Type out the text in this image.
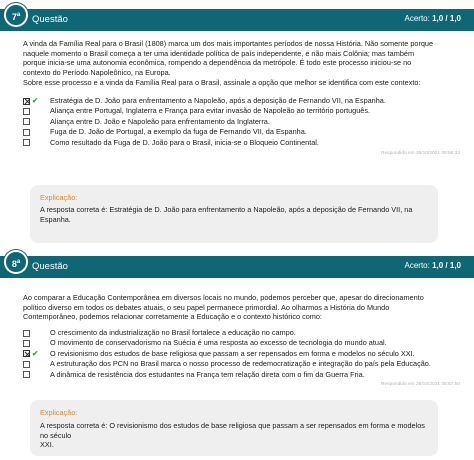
7$^a$	Questão	Acerto: 1,0 / 1,0
A vinda da Família Real para o Brasil (1808) marca um dos mais importantes períodos de nossa História. Não somente porque
naquele momento o Brasil começa a ter uma identidade política de país independente, e não mais Colônia; mas também
porque inicia-se uma autonomia econômica, rompendo a dependência da metrópole. É todo este processo iniciou-se no
contexto do Período Napoleônico, na Europa.
Sobre esse processo e a vinda da Família Real para o Brasil, assinale a opção que melhor se identifica com este contexto:
✔ Estratégia de D. João para enfrentamento a Napoleão, após a deposição de Fernando VII, na Espanha.
Aliança entre Portugal, Inglaterra e França para evitar invasão de Napoleão ao território português.
Aliança entre D. João e Napoleão para enfrentamento da Inglaterra.
Fuga de D. João de Portugal, a exemplo da fuga de Fernando VII, da Espanha.
Como resultado da Fuga de D. João para o Brasil, inicia-se o Bloqueio Continental.
Respondido em 26/10/2021 08:56:33
Explicação:
A resposta correta é: Estratégia de D. João para enfrentamento a Napoleão, após a deposição de Fernando VII, na Espanha.
8$^a$	Questão	Acerto: 1,0 / 1,0
Ao comparar a Educação Contemporânea em diversos locais no mundo, podemos perceber que, apesar do direcionamento
político diverso em todos os debates atuais, o seu papel permanece primordial. Ao olharmos a História do Mundo
Contemporâneo, podemos relacionar corretamente a Educação e o contexto histórico como:
O crescimento da industrialização no Brasil fortalece a educação no campo.
O movimento de conservadorismo na Suécia é uma resposta ao excesso de tecnologia do mundo atual.
✔ O revisionismo dos estudos de base religiosa que passam a ser repensados em forma e modelos no século XXI.
A estruturação dos PCN no Brasil marca o nosso processo de redemocratização e integração do país pela Educação.
A dinâmica de resistência dos estudantes na França tem relação direta com o fim da Guerra Fria.
Respondido em 26/10/2021 08:57:50
Explicação:
A resposta correta é: O revisionismo dos estudos de base religiosa que passam a ser repensados em forma e modelos no século
XXI.
